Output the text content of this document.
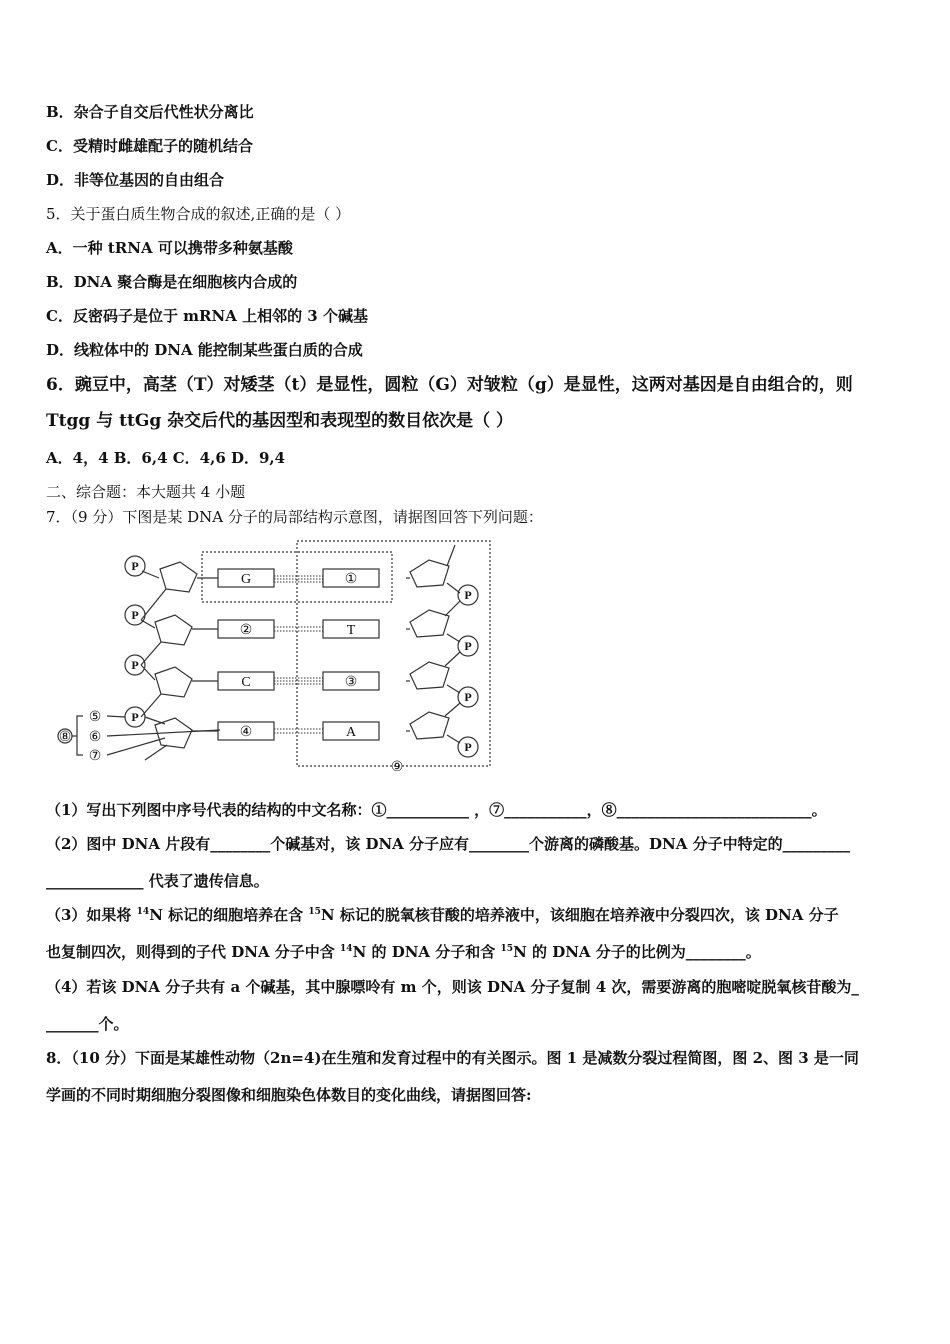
B．杂合子自交后代性状分离比
C．受精时雌雄配子的随机结合
D．非等位基因的自由组合
5．关于蛋白质生物合成的叙述,正确的是（ ）
A．一种 tRNA 可以携带多种氨基酸
B．DNA 聚合酶是在细胞核内合成的
C．反密码子是位于 mRNA 上相邻的 3 个碱基
D．线粒体中的 DNA 能控制某些蛋白质的合成
6．豌豆中，高茎（T）对矮茎（t）是显性，圆粒（G）对皱粒（g）是显性，这两对基因是自由组合的，则
Ttgg 与 ttGg 杂交后代的基因型和表现型的数目依次是（ ）
A．4，4 B．6,4 C．4,6 D．9,4
二、综合题：本大题共 4 小题
7．（9 分）下图是某 DNA 分子的局部结构示意图，请据图回答下列问题：
P
P
P
P
P
P
P
P
G
②
C
④
①
T
③
A
⑤
⑥
⑦
⑧
⑨
（1）写出下列图中序号代表的结构的中文名称：①___________ ，⑦___________，⑧__________________________。
（2）图中 DNA 片段有________个碱基对，该 DNA 分子应有________个游离的磷酸基。DNA 分子中特定的_________
_____________ 代表了遗传信息。
（3）如果将 $^{14}$N 标记的细胞培养在含 $^{15}$N 标记的脱氧核苷酸的培养液中，该细胞在培养液中分裂四次，该 DNA 分子
也复制四次，则得到的子代 DNA 分子中含 $^{14}$N 的 DNA 分子和含 $^{15}$N 的 DNA 分子的比例为________。
（4）若该 DNA 分子共有 a 个碱基，其中腺嘌呤有 m 个，则该 DNA 分子复制 4 次，需要游离的胞嘧啶脱氧核苷酸为_
_______个。
8．（10 分）下面是某雄性动物（2n=4)在生殖和发育过程中的有关图示。图 1 是减数分裂过程简图，图 2、图 3 是一同
学画的不同时期细胞分裂图像和细胞染色体数目的变化曲线，请据图回答:
